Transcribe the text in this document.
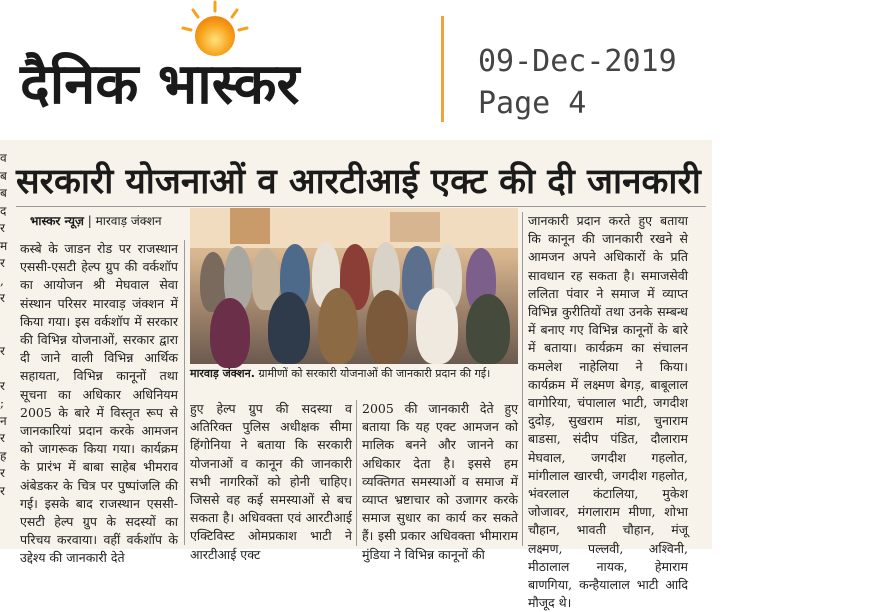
दैनिक भास्कर	09-Dec-2019
Page 4
व
ब
ब
द
र
म
र
,
र

र

र
;
न
र
ह
र
र
सरकारी योजनाओं व आरटीआई एक्ट की दी जानकारी
भास्कर न्यूज़ | मारवाड़ जंक्शन
कस्बे के जाडन रोड पर राजस्थान एससी-एसटी हेल्प ग्रुप की वर्कशॉप का आयोजन श्री मेघवाल सेवा संस्थान परिसर मारवाड़ जंक्शन में किया गया। इस वर्कशॉप में सरकार की विभिन्न योजनाओं, सरकार द्वारा दी जाने वाली विभिन्न आर्थिक सहायता, विभिन्न कानूनों तथा सूचना का अधिकार अधिनियम 2005 के बारे में विस्तृत रूप से जानकारियां प्रदान करके आमजन को जागरूक किया गया। कार्यक्रम के प्रारंभ में बाबा साहेब भीमराव अंबेडकर के चित्र पर पुष्पांजलि की गई। इसके बाद राजस्थान एससी-एसटी हेल्प ग्रुप के सदस्यों का परिचय करवाया। वहीं वर्कशॉप के उद्देश्य की जानकारी देते
मारवाड़ जंक्शन. ग्रामीणों को सरकारी योजनाओं की जानकारी प्रदान की गई।
हुए हेल्प ग्रुप की सदस्या व अतिरिक्त पुलिस अधीक्षक सीमा हिंगोनिया ने बताया कि सरकारी योजनाओं व कानून की जानकारी सभी नागरिकों को होनी चाहिए। जिससे वह कई समस्याओं से बच सकता है। अधिवक्ता एवं आरटीआई एक्टिविस्ट ओमप्रकाश भाटी ने आरटीआई एक्ट
2005 की जानकारी देते हुए बताया कि यह एक्ट आमजन को मालिक बनने और जानने का अधिकार देता है। इससे हम व्यक्तिगत समस्याओं व समाज में व्याप्त भ्रष्टाचार को उजागर करके समाज सुधार का कार्य कर सकते हैं। इसी प्रकार अधिवक्ता भीमाराम मुंडिया ने विभिन्न कानूनों की
जानकारी प्रदान करते हुए बताया कि कानून की जानकारी रखने से आमजन अपने अधिकारों के प्रति सावधान रह सकता है। समाजसेवी ललिता पंवार ने समाज में व्याप्त विभिन्न कुरीतियों तथा उनके सम्बन्ध में बनाए गए विभिन्न कानूनों के बारे में बताया। कार्यक्रम का संचालन कमलेश नाहेलिया ने किया। कार्यक्रम में लक्ष्मण बेगड़, बाबूलाल वागोरिया, चंपालाल भाटी, जगदीश दुदोड़, सुखराम मांडा, चुनाराम बाडसा, संदीप पंडित, दौलाराम मेघवाल, जगदीश गहलोत, मांगीलाल खारची, जगदीश गहलोत, भंवरलाल कंटालिया, मुकेश जोजावर, मंगलाराम मीणा, शोभा चौहान, भावती चौहान, मंजू लक्ष्मण, पल्लवी, अश्विनी, मीठालाल नायक, हेमाराम बाणगिया, कन्हैयालाल भाटी आदि मौजूद थे।
